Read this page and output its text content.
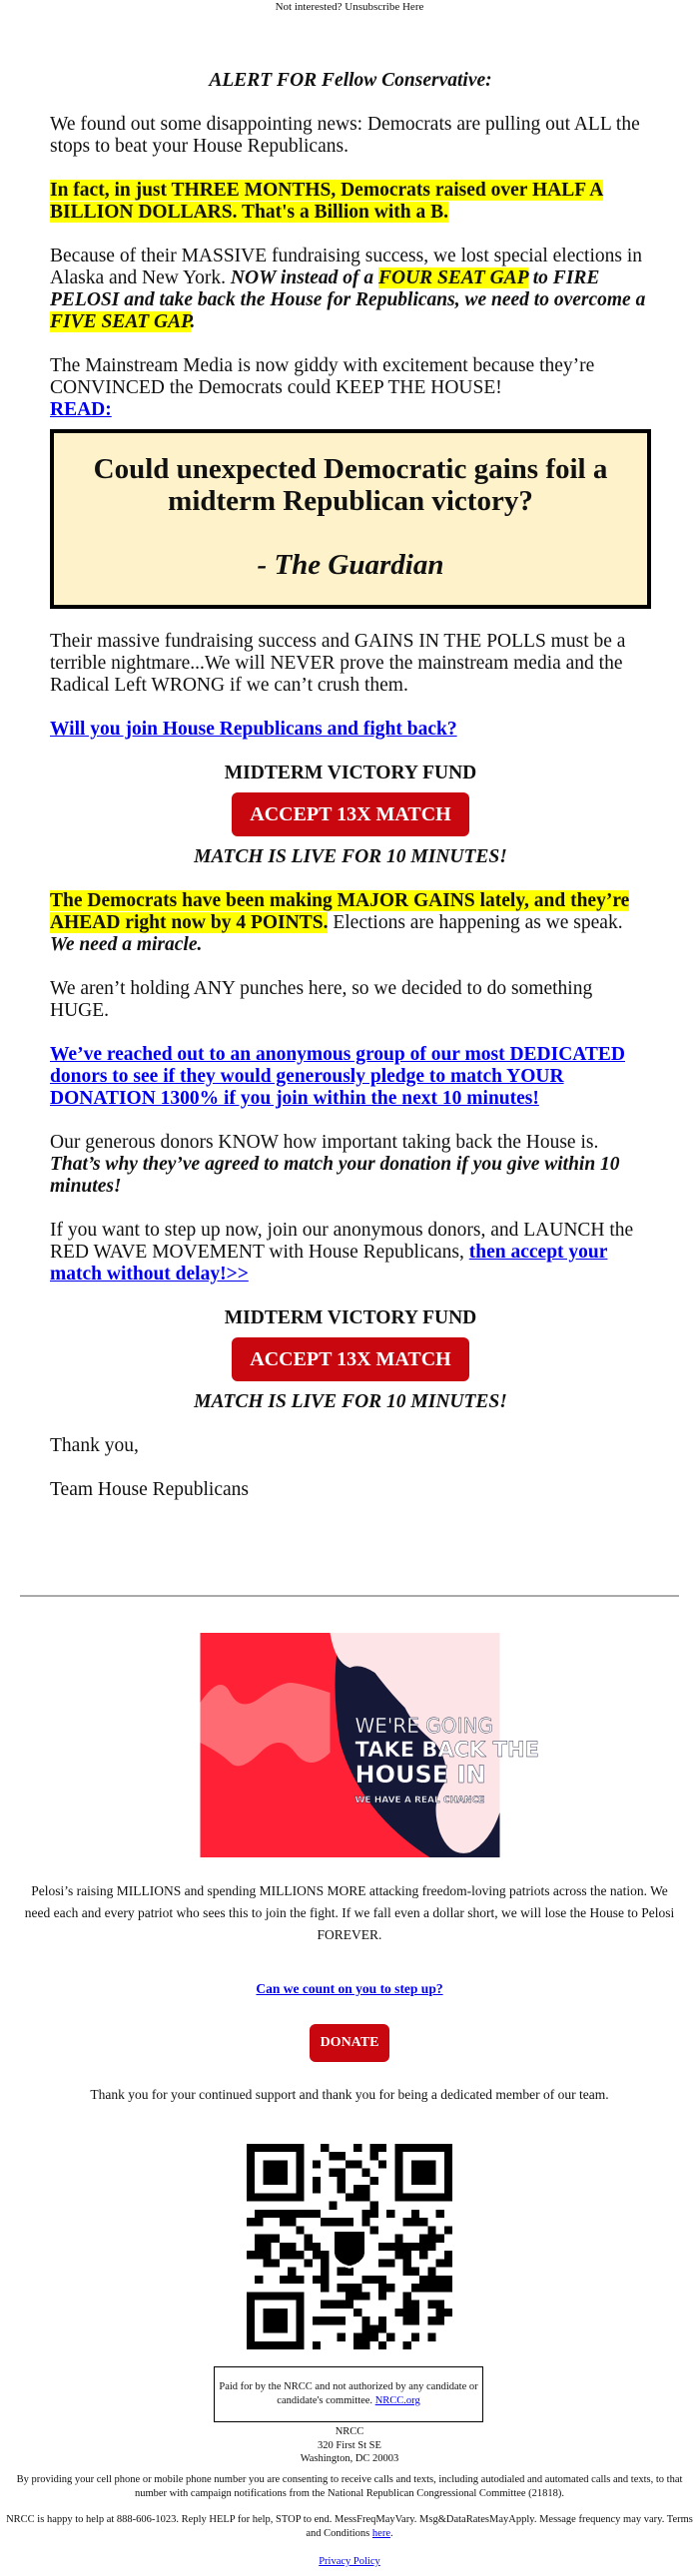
Not interested? Unsubscribe Here
ALERT FOR Fellow Conservative:

We found out some disappointing news: Democrats are pulling out ALL the stops to beat your House Republicans.

In fact, in just THREE MONTHS, Democrats raised over HALF A BILLION DOLLARS. That's a Billion with a B.

Because of their MASSIVE fundraising success, we lost special elections in Alaska and New York. NOW instead of a FOUR SEAT GAP to FIRE PELOSI and take back the House for Republicans, we need to overcome a FIVE SEAT GAP.

The Mainstream Media is now giddy with excitement because they’re CONVINCED the Democrats could KEEP THE HOUSE!
READ:

Could unexpected Democratic gains foil a midterm Republican victory?
- The Guardian

Their massive fundraising success and GAINS IN THE POLLS must be a terrible nightmare...We will NEVER prove the mainstream media and the Radical Left WRONG if we can’t crush them.

Will you join House Republicans and fight back?

MIDTERM VICTORY FUND
ACCEPT 13X MATCH
MATCH IS LIVE FOR 10 MINUTES!

The Democrats have been making MAJOR GAINS lately, and they’re AHEAD right now by 4 POINTS. Elections are happening as we speak. We need a miracle.

We aren’t holding ANY punches here, so we decided to do something HUGE.

We’ve reached out to an anonymous group of our most DEDICATED donors to see if they would generously pledge to match YOUR DONATION 1300% if you join within the next 10 minutes!

Our generous donors KNOW how important taking back the House is. That’s why they’ve agreed to match your donation if you give within 10 minutes!

If you want to step up now, join our anonymous donors, and LAUNCH the RED WAVE MOVEMENT with House Republicans, then accept your match without delay!>>

MIDTERM VICTORY FUND
ACCEPT 13X MATCH
MATCH IS LIVE FOR 10 MINUTES!

Thank you,

Team House Republicans

WE'RE GOING
TAKE BACK THE
HOUSE IN
WE HAVE A REAL CHANCE
Pelosi’s raising MILLIONS and spending MILLIONS MORE attacking freedom-loving patriots across the nation. We need each and every patriot who sees this to join the fight. If we fall even a dollar short, we will lose the House to Pelosi FOREVER.
Can we count on you to step up?
DONATE
Thank you for your continued support and thank you for being a dedicated member of our team.
Paid for by the NRCC and not authorized by any candidate or candidate's committee. NRCC.org
NRCC
320 First St SE
Washington, DC 20003
By providing your cell phone or mobile phone number you are consenting to receive calls and texts, including autodialed and automated calls and texts, to that number with campaign notifications from the National Republican Congressional Committee (21818).
NRCC is happy to help at 888-606-1023. Reply HELP for help, STOP to end. MessFreqMayVary. Msg&DataRatesMayApply. Message frequency may vary. Terms and Conditions here.
Privacy Policy
